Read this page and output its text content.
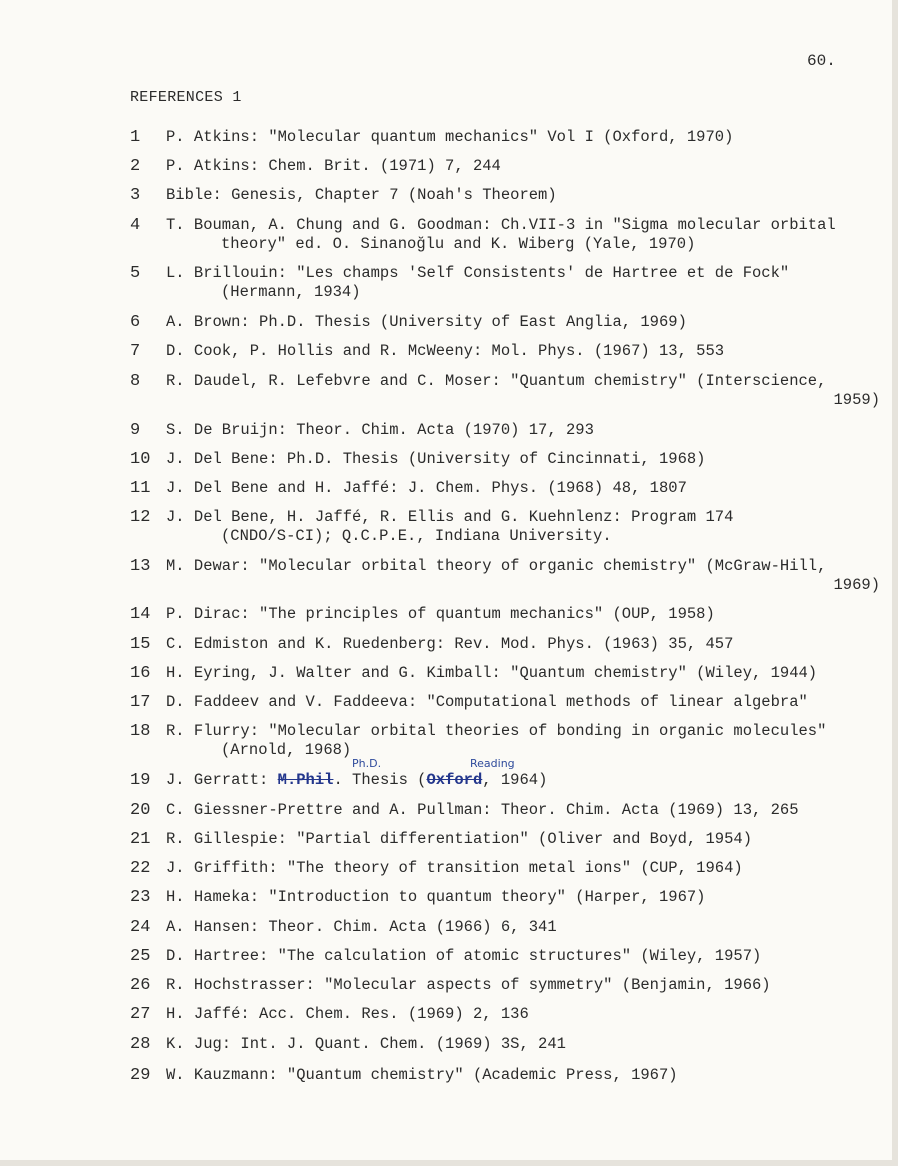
60.
REFERENCES 1
1 P. Atkins: "Molecular quantum mechanics" Vol I (Oxford, 1970)
2 P. Atkins: Chem. Brit. (1971) 7, 244
3 Bible: Genesis, Chapter 7 (Noah's Theorem)
4 T. Bouman, A. Chung and G. Goodman: Ch.VII-3 in "Sigma molecular orbital
theory" ed. O. Sinanoğlu and K. Wiberg (Yale, 1970)
5 L. Brillouin: "Les champs 'Self Consistents' de Hartree et de Fock"
(Hermann, 1934)
6 A. Brown: Ph.D. Thesis (University of East Anglia, 1969)
7 D. Cook, P. Hollis and R. McWeeny: Mol. Phys. (1967) 13, 553
8 R. Daudel, R. Lefebvre and C. Moser: "Quantum chemistry" (Interscience,
1959)
9 S. De Bruijn: Theor. Chim. Acta (1970) 17, 293
10 J. Del Bene: Ph.D. Thesis (University of Cincinnati, 1968)
11 J. Del Bene and H. Jaffé: J. Chem. Phys. (1968) 48, 1807
12 J. Del Bene, H. Jaffé, R. Ellis and G. Kuehnlenz: Program 174
(CNDO/S-CI); Q.C.P.E., Indiana University.
13 M. Dewar: "Molecular orbital theory of organic chemistry" (McGraw-Hill,
1969)
14 P. Dirac: "The principles of quantum mechanics" (OUP, 1958)
15 C. Edmiston and K. Ruedenberg: Rev. Mod. Phys. (1963) 35, 457
16 H. Eyring, J. Walter and G. Kimball: "Quantum chemistry" (Wiley, 1944)
17 D. Faddeev and V. Faddeeva: "Computational methods of linear algebra"
18 R. Flurry: "Molecular orbital theories of bonding in organic molecules"
(Arnold, 1968)
19 J. Gerratt: M.Phil. Thesis (Oxford, 1964)
Ph.D.	Reading
20 C. Giessner-Prettre and A. Pullman: Theor. Chim. Acta (1969) 13, 265
21 R. Gillespie: "Partial differentiation" (Oliver and Boyd, 1954)
22 J. Griffith: "The theory of transition metal ions" (CUP, 1964)
23 H. Hameka: "Introduction to quantum theory" (Harper, 1967)
24 A. Hansen: Theor. Chim. Acta (1966) 6, 341
25 D. Hartree: "The calculation of atomic structures" (Wiley, 1957)
26 R. Hochstrasser: "Molecular aspects of symmetry" (Benjamin, 1966)
27 H. Jaffé: Acc. Chem. Res. (1969) 2, 136
28 K. Jug: Int. J. Quant. Chem. (1969) 3S, 241
29 W. Kauzmann: "Quantum chemistry" (Academic Press, 1967)
